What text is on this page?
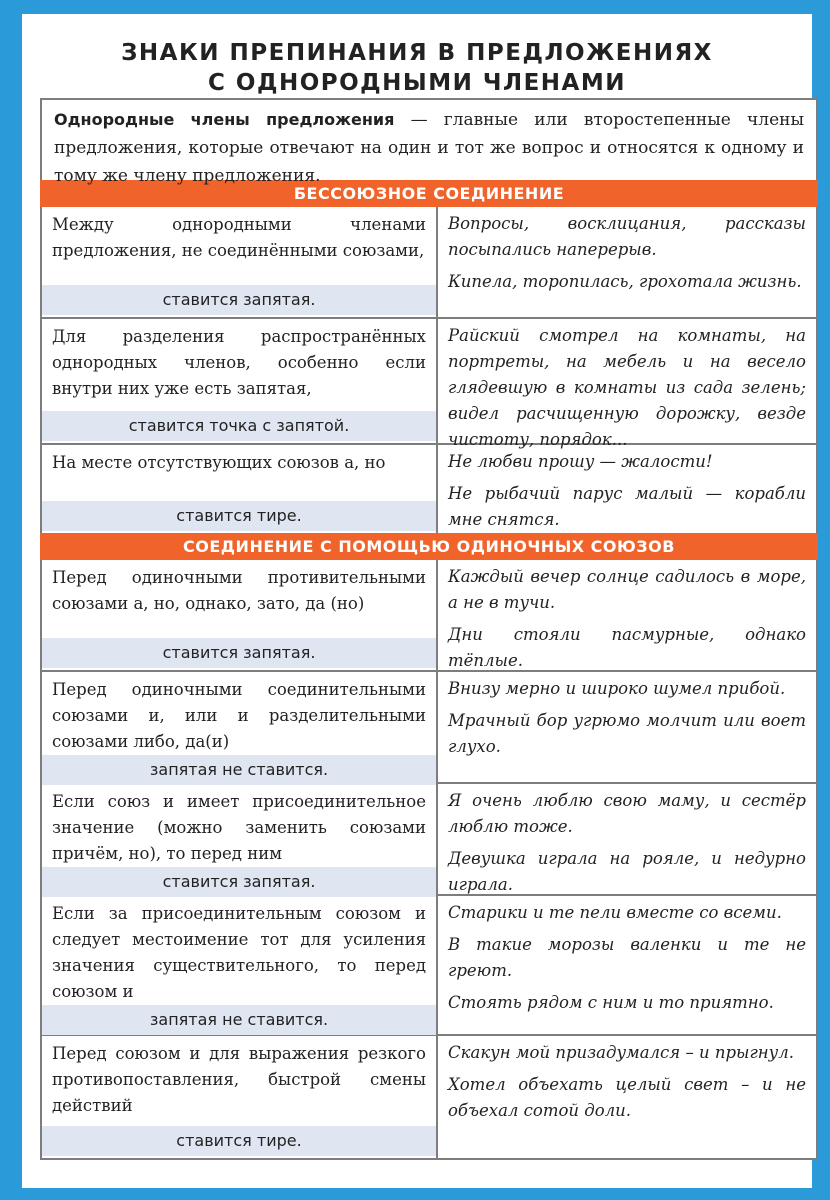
ЗНАКИ ПРЕПИНАНИЯ В ПРЕДЛОЖЕНИЯХ
С ОДНОРОДНЫМИ ЧЛЕНАМИ
Однородные члены предложения — главные или второстепенные члены предложения, которые отвечают на один и тот же вопрос и относятся к одному и тому же члену предложения.
БЕССОЮЗНОЕ СОЕДИНЕНИЕ
Между однородными членами предложения, не соединёнными союзами,
ставится запятая.

Вопросы, восклицания, рассказы посыпались наперерыв.

Кипела, торопилась, грохотала жизнь.

Для разделения распространённых однородных членов, особенно если внутри них уже есть запятая,
ставится точка с запятой.

Райский смотрел на комнаты, на портреты, на мебель и на весело глядевшую в комнаты из сада зелень; видел расчищенную дорожку, везде чистоту, порядок...

На месте отсутствующих союзов а, но
ставится тире.

Не любви прошу — жалости!

Не рыбачий парус малый — корабли мне снятся.

СОЕДИНЕНИЕ С ПОМОЩЬЮ ОДИНОЧНЫХ СОЮЗОВ
Перед одиночными противительными союзами а, но, однако, зато, да (но)
ставится запятая.

Каждый вечер солнце садилось в море, а не в тучи.

Дни стояли пасмурные, однако тёплые.

Перед одиночными соединительными союзами и, или и разделительными союзами либо, да(и)
запятая не ставится.

Внизу мерно и широко шумел прибой.

Мрачный бор угрюмо молчит или воет глухо.

Если союз и имеет присоединительное значение (можно заменить союзами причём, но), то перед ним
ставится запятая.

Я очень люблю свою маму, и сестёр люблю тоже.

Девушка играла на рояле, и недурно играла.

Если за присоединительным союзом и следует местоимение тот для усиления значения существительного, то перед союзом и
запятая не ставится.

Старики и те пели вместе со всеми.

В такие морозы валенки и те не греют.

Стоять рядом с ним и то приятно.

Перед союзом и для выражения резкого противопоставления, быстрой смены действий
ставится тире.

Скакун мой призадумался – и прыгнул.

Хотел объехать целый свет – и не объехал сотой доли.
